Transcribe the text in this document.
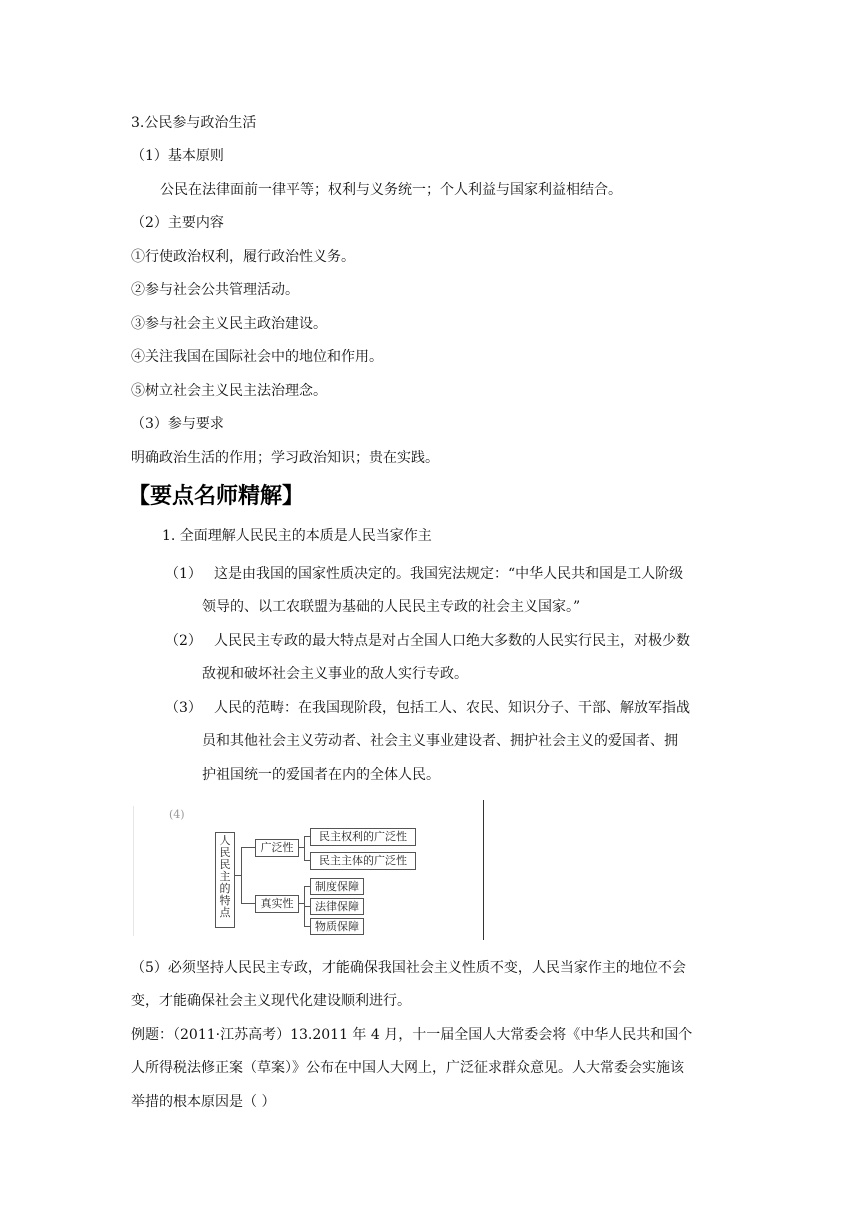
3.公民参与政治生活
（1）基本原则
公民在法律面前一律平等；权利与义务统一；个人利益与国家利益相结合。
（2）主要内容
①行使政治权利，履行政治性义务。
②参与社会公共管理活动。
③参与社会主义民主政治建设。
④关注我国在国际社会中的地位和作用。
⑤树立社会主义民主法治理念。
（3）参与要求
明确政治生活的作用；学习政治知识；贵在实践。
【要点名师精解】
1. 全面理解人民民主的本质是人民当家作主
（1） 这是由我国的国家性质决定的。我国宪法规定：“中华人民共和国是工人阶级
领导的、以工农联盟为基础的人民民主专政的社会主义国家。”
（2） 人民民主专政的最大特点是对占全国人口绝大多数的人民实行民主，对极少数
敌视和破坏社会主义事业的敌人实行专政。
（3） 人民的范畴：在我国现阶段，包括工人、农民、知识分子、干部、解放军指战
员和其他社会主义劳动者、社会主义事业建设者、拥护社会主义的爱国者、拥
护祖国统一的爱国者在内的全体人民。
(4)
人民民主的特点
广泛性
真实性
民主权利的广泛性
民主主体的广泛性
制度保障
法律保障
物质保障
（5）必须坚持人民民主专政，才能确保我国社会主义性质不变，人民当家作主的地位不会
变，才能确保社会主义现代化建设顺利进行。
例题：（2011·江苏高考）13.2011 年 4 月，十一届全国人大常委会将《中华人民共和国个
人所得税法修正案（草案）》公布在中国人大网上，广泛征求群众意见。人大常委会实施该
举措的根本原因是（ ）
